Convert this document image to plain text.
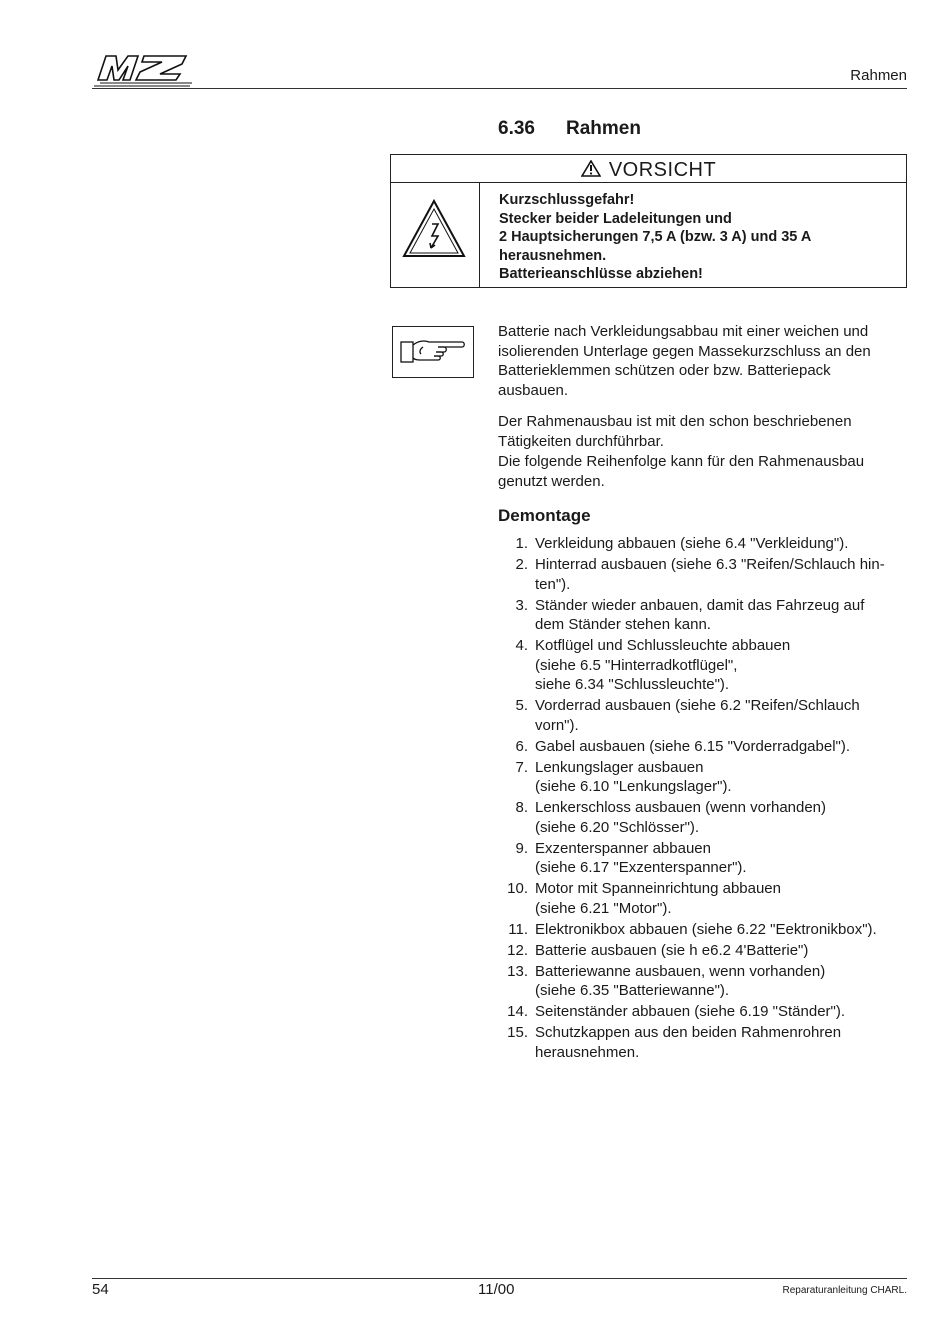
Rahmen
6.36 Rahmen
VORSICHT
Kurzschlussgefahr!
Stecker beider Ladeleitungen und
2 Hauptsicherungen 7,5 A (bzw. 3 A) und 35 A
herausnehmen.
Batterieanschlüsse abziehen!
Batterie nach Verkleidungsabbau mit einer weichen und
isolierenden Unterlage gegen Massekurzschluss an den
Batterieklemmen schützen oder bzw. Batteriepack
ausbauen.
Der Rahmenausbau ist mit den schon beschriebenen
Tätigkeiten durchführbar.
Die folgende Reihenfolge kann für den Rahmenausbau
genutzt werden.
Demontage
1. Verkleidung abbauen (siehe 6.4 "Verkleidung").
2. Hinterrad ausbauen (siehe 6.3 "Reifen/Schlauch hin-
ten").
3. Ständer wieder anbauen, damit das Fahrzeug auf
dem Ständer stehen kann.
4. Kotflügel und Schlussleuchte abbauen
(siehe 6.5 "Hinterradkotflügel",
siehe 6.34 "Schlussleuchte").
5. Vorderrad ausbauen (siehe 6.2 "Reifen/Schlauch
vorn").
6. Gabel ausbauen (siehe 6.15 "Vorderradgabel").
7. Lenkungslager ausbauen
(siehe 6.10 "Lenkungslager").
8. Lenkerschloss ausbauen (wenn vorhanden)
(siehe 6.20 "Schlösser").
9. Exzenterspanner abbauen
(siehe 6.17 "Exzenterspanner").
10. Motor mit Spanneinrichtung abbauen
(siehe 6.21 "Motor").
11. Elektronikbox abbauen (siehe 6.22 "Eektronikbox").
12. Batterie ausbauen (sie h e6.2 4'Batterie")
13. Batteriewanne ausbauen, wenn vorhanden)
(siehe 6.35 "Batteriewanne").
14. Seitenständer abbauen (siehe 6.19 "Ständer").
15. Schutzkappen aus den beiden Rahmenrohren
herausnehmen.
54	11/00	Reparaturanleitung CHARL.
